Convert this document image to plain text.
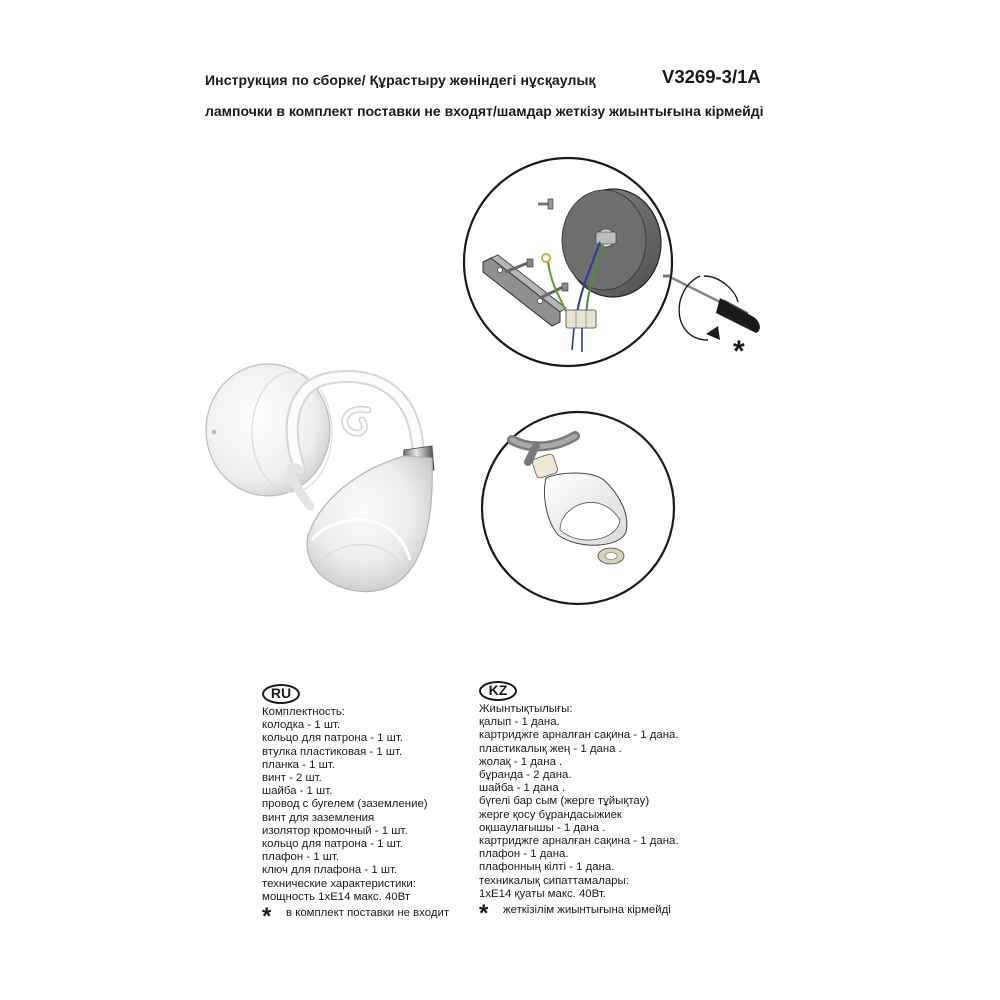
Инструкция по сборке/ Құрастыру жөніндегі нұсқаулық	V3269-3/1A
лампочки в комплект поставки не входят/шамдар жеткізу жиынтығына кірмейді
*
RU
Комплектность:
колодка - 1 шт.
кольцо для патрона - 1 шт.
втулка пластиковая - 1 шт.
планка - 1 шт.
винт - 2 шт.
шайба - 1 шт.
провод с бугелем (заземление)
винт для заземления
изолятор кромочный - 1 шт.
кольцо для патрона - 1 шт.
плафон - 1 шт.
ключ для плафона - 1 шт.
технические характеристики:
мощность 1хЕ14 макс. 40Вт
*	в комплект поставки не входит
KZ
Жиынтықтылығы:
қалып - 1 дана.
картриджге арналған сақина - 1 дана.
пластикалық жең - 1 дана .
жолақ - 1 дана .
бұранда - 2 дана.
шайба - 1 дана .
бүгелі бар сым (жерге тұйықтау)
жерге қосу бұрандасыжиек
оқшаулағышы - 1 дана .
картриджге арналған сақина - 1 дана.
плафон - 1 дана.
плафонның кілті - 1 дана.
техникалық сипаттамалары:
1хЕ14 қуаты макс. 40Вт.
*	жеткізілім жиынтығына кірмейді
